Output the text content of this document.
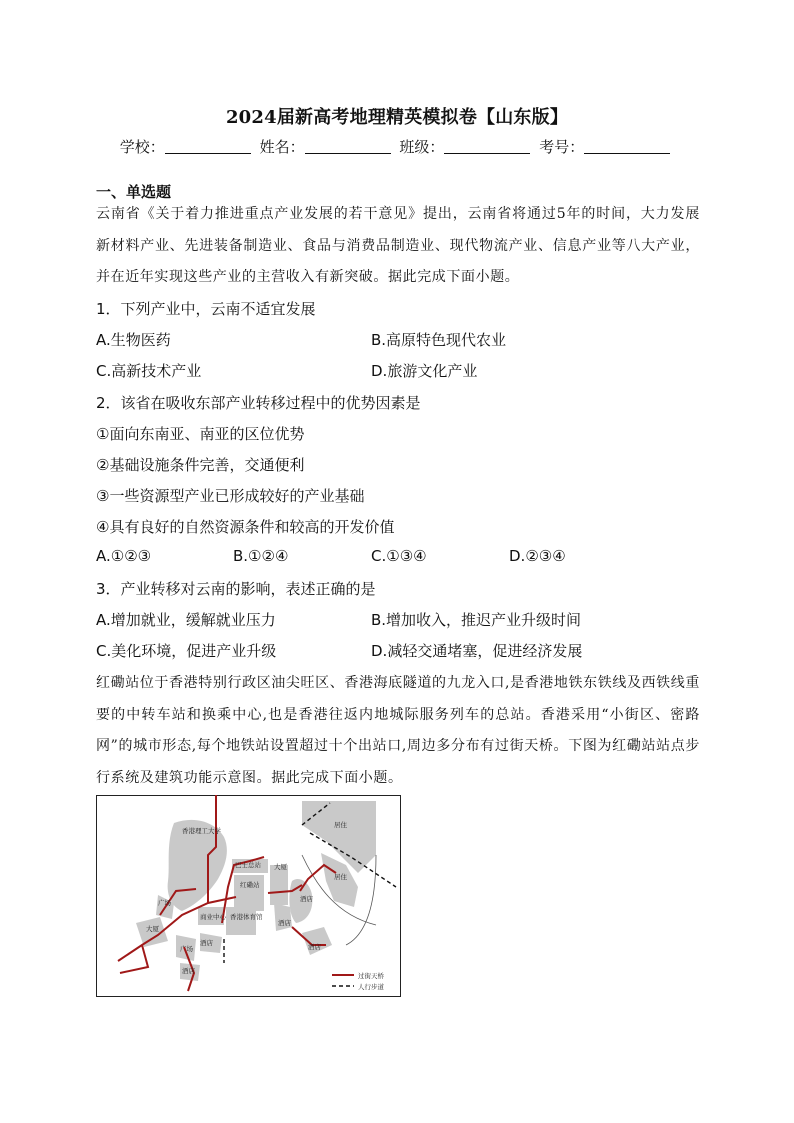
2024届新高考地理精英模拟卷【山东版】
学校：	姓名：	班级：	考号：
一、单选题
云南省《关于着力推进重点产业发展的若干意见》提出，云南省将通过5年的时间，大力发展新材料产业、先进装备制造业、食品与消费品制造业、现代物流产业、信息产业等八大产业，并在近年实现这些产业的主营收入有新突破。据此完成下面小题。
1．下列产业中，云南不适宜发展
A.生物医药	B.高原特色现代农业
C.高新技术产业	D.旅游文化产业
2．该省在吸收东部产业转移过程中的优势因素是
①面向东南亚、南亚的区位优势
②基础设施条件完善，交通便利
③一些资源型产业已形成较好的产业基础
④具有良好的自然资源条件和较高的开发价值
A.①②③	B.①②④	C.①③④	D.②③④
3．产业转移对云南的影响，表述正确的是
A.增加就业，缓解就业压力	B.增加收入，推迟产业升级时间
C.美化环境，促进产业升级	D.减轻交通堵塞，促进经济发展
红磡站位于香港特别行政区油尖旺区、香港海底隧道的九龙入口,是香港地铁东铁线及西铁线重要的中转车站和换乘中心,也是香港往返内地城际服务列车的总站。香港采用“小街区、密路网”的城市形态,每个地铁站设置超过十个出站口,周边多分布有过街天桥。下图为红磡站站点步行系统及建筑功能示意图。据此完成下面小题。
香港理工大学
居住
居住
巴士总站 大厦
红磡站
广场
大厦
商业中心 香港体育馆
酒店
酒店
酒店
酒店
广场
酒店
过街天桥
人行步道
